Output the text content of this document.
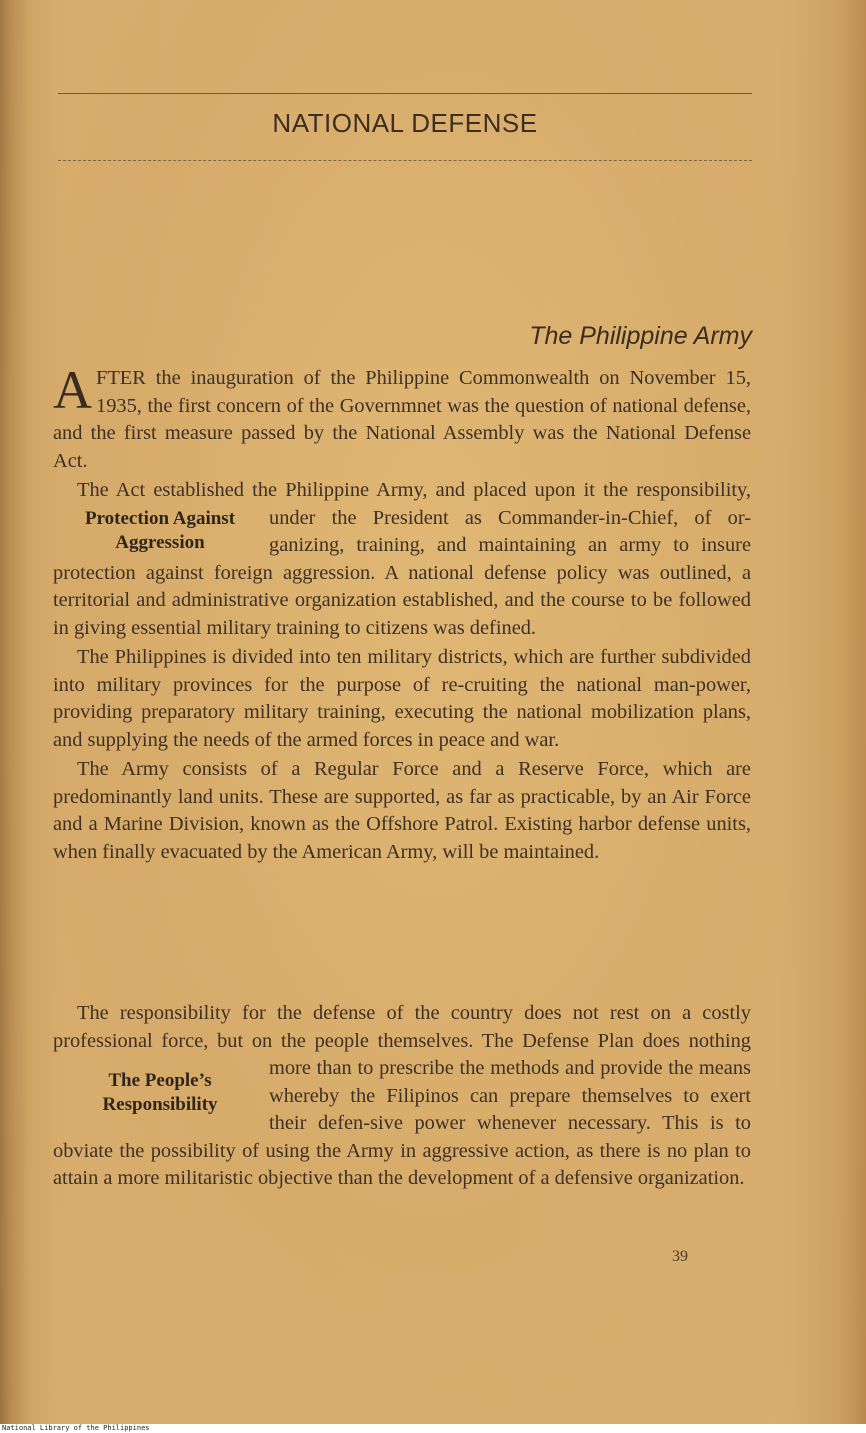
NATIONAL DEFENSE
The Philippine Army

AFTER the inauguration of the Philippine Commonwealth on November 15, 1935, the first concern of the Governmnet was the question of national defense, and the first measure passed by the National Assembly was the National Defense Act.

The Act established the Philippine Army, and placed upon it the responsibility, under the President as Commander-in-Chief, of or-
Protection Against
Aggression	ganizing, training, and maintaining an army to insure protection against foreign aggression. A national defense policy was outlined, a territorial and administrative organization established, and the course to be followed in giving essential military training to citizens was defined.

The Philippines is divided into ten military districts, which are further subdivided into military provinces for the purpose of re-cruiting the national man-power, providing preparatory military training, executing the national mobilization plans, and supplying the needs of the armed forces in peace and war.

The Army consists of a Regular Force and a Reserve Force, which are predominantly land units. These are supported, as far as practicable, by an Air Force and a Marine Division, known as the Offshore Patrol. Existing harbor defense units, when finally evacuated by the American Army, will be maintained.

The responsibility for the defense of the country does not rest on a costly professional force, but on the people themselves. The Defense Plan does nothing more than to prescribe the methods
The People’s
Responsibility
and provide the means whereby the Filipinos can prepare themselves to exert their defen-sive power whenever necessary. This is to obviate the possibility of using the Army in aggressive action, as there is no plan to attain a more militaristic objective than the development of a defensive organization.

39
National Library of the Philippines
